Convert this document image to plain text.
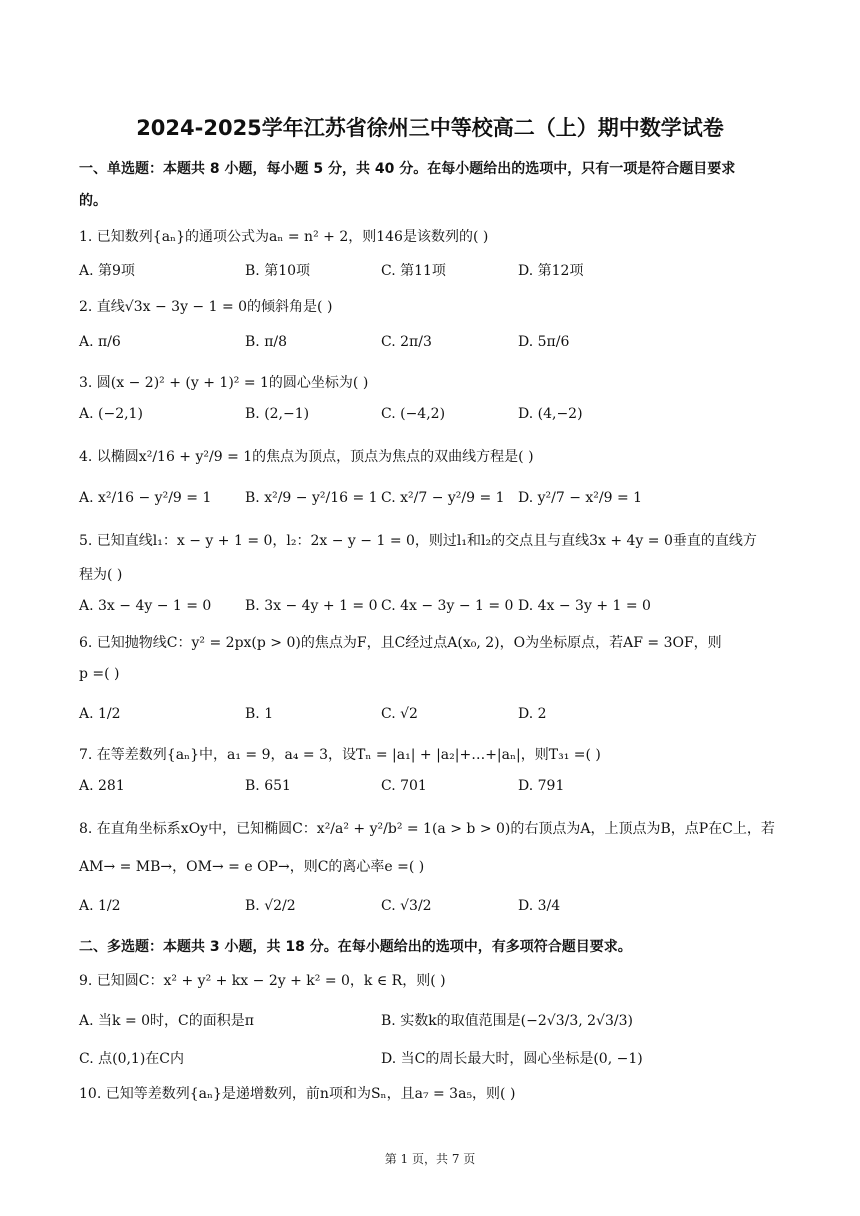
2024-2025学年江苏省徐州三中等校高二（上）期中数学试卷
一、单选题：本题共 8 小题，每小题 5 分，共 40 分。在每小题给出的选项中，只有一项是符合题目要求
的。
1. 已知数列{aₙ}的通项公式为aₙ = n² + 2，则146是该数列的( )
A. 第9项	B. 第10项	C. 第11项	D. 第12项
2. 直线√3x − 3y − 1 = 0的倾斜角是( )
A. π/6	B. π/8	C. 2π/3	D. 5π/6
3. 圆(x − 2)² + (y + 1)² = 1的圆心坐标为( )
A. (−2,1)	B. (2,−1)	C. (−4,2)	D. (4,−2)
4. 以椭圆x²/16 + y²/9 = 1的焦点为顶点，顶点为焦点的双曲线方程是( )
A. x²/16 − y²/9 = 1 B. x²/9 − y²/16 = 1 C. x²/7 − y²/9 = 1 D. y²/7 − x²/9 = 1
5. 已知直线l₁：x − y + 1 = 0，l₂：2x − y − 1 = 0，则过l₁和l₂的交点且与直线3x + 4y = 0垂直的直线方
程为( )
A. 3x − 4y − 1 = 0 B. 3x − 4y + 1 = 0 C. 4x − 3y − 1 = 0 D. 4x − 3y + 1 = 0
6. 已知抛物线C：y² = 2px(p > 0)的焦点为F，且C经过点A(x₀, 2)，O为坐标原点，若AF = 3OF，则
p =( )
A. 1/2	B. 1	C. √2	D. 2
7. 在等差数列{aₙ}中，a₁ = 9，a₄ = 3，设Tₙ = |a₁| + |a₂|+…+|aₙ|，则T₃₁ =( )
A. 281	B. 651	C. 701	D. 791
8. 在直角坐标系xOy中，已知椭圆C：x²/a² + y²/b² = 1(a > b > 0)的右顶点为A，上顶点为B，点P在C上，若
AM→ = MB→，OM→ = e OP→，则C的离心率e =( )
A. 1/2	B. √2/2	C. √3/2	D. 3/4
二、多选题：本题共 3 小题，共 18 分。在每小题给出的选项中，有多项符合题目要求。
9. 已知圆C：x² + y² + kx − 2y + k² = 0，k ∈ R，则( )
A. 当k = 0时，C的面积是π	B. 实数k的取值范围是(−2√3/3, 2√3/3)
C. 点(0,1)在C内	D. 当C的周长最大时，圆心坐标是(0, −1)
10. 已知等差数列{aₙ}是递增数列，前n项和为Sₙ，且a₇ = 3a₅，则( )
第 1 页，共 7 页
